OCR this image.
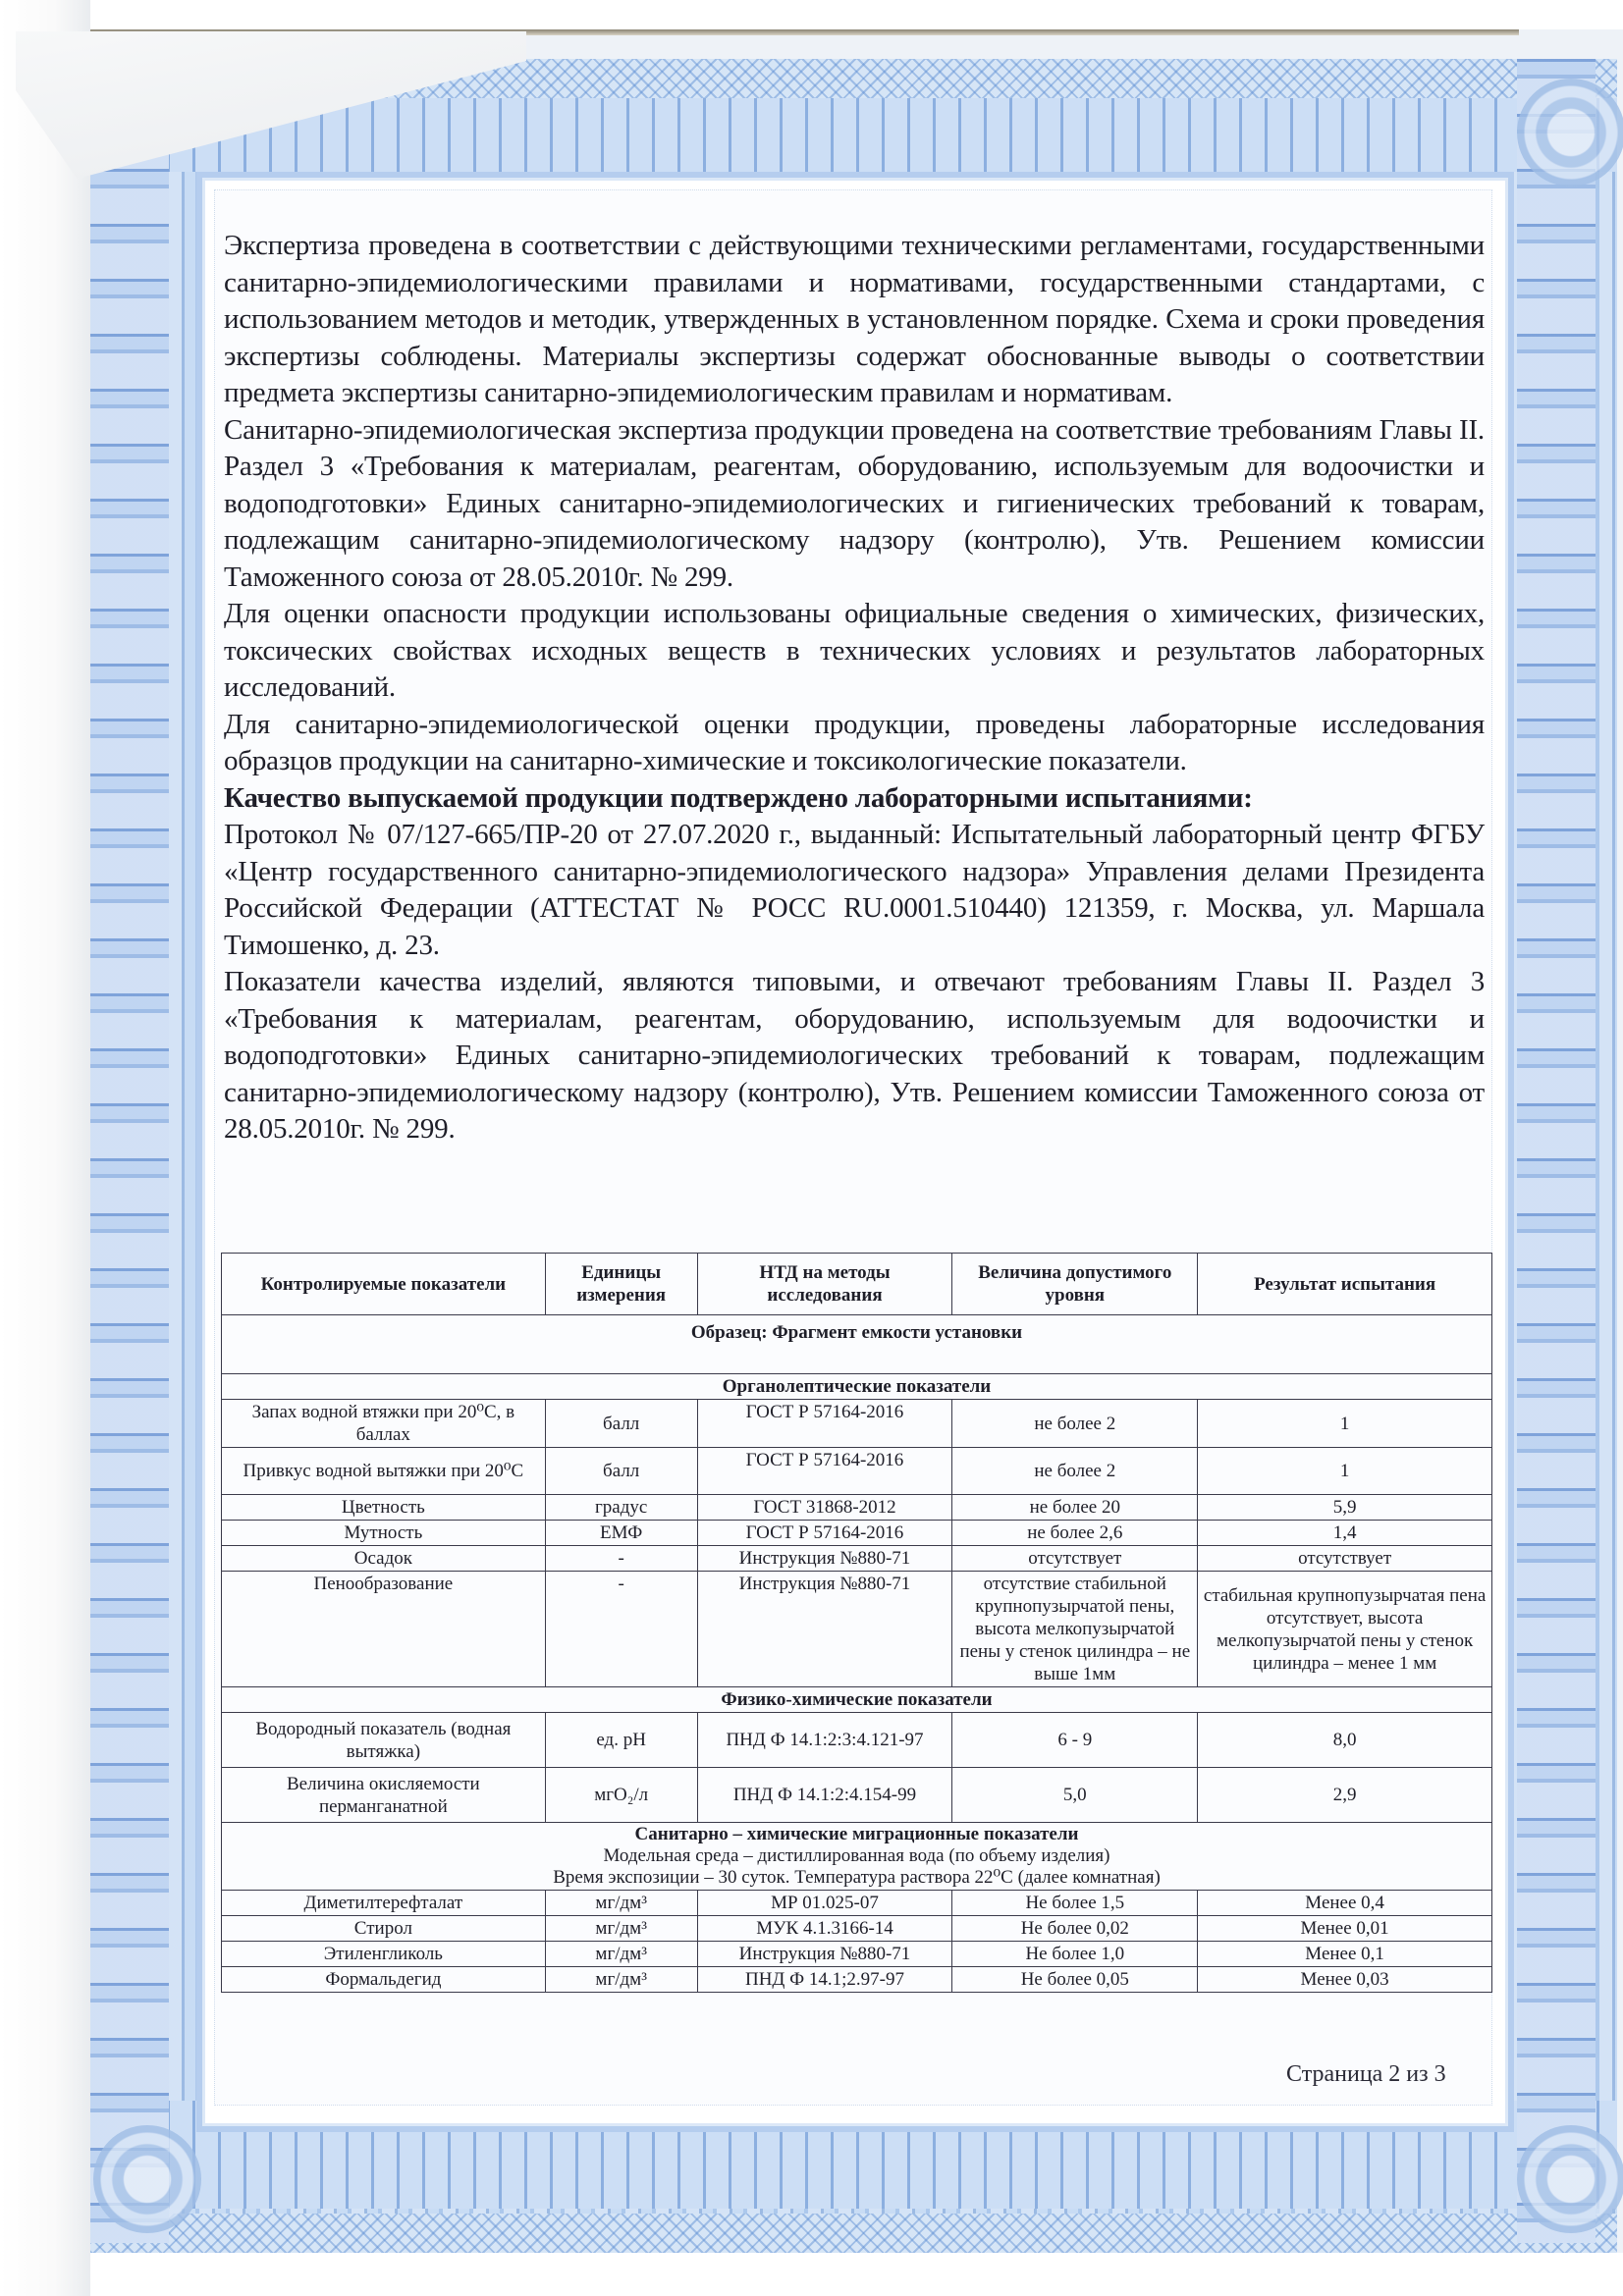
Экспертиза проведена в соответствии с действующими техническими регламентами, государственными санитарно-эпидемиологическими правилами и нормативами, государственными стандартами, с использованием методов и методик, утвержденных в установленном порядке. Схема и сроки проведения экспертизы соблюдены. Материалы экспертизы содержат обоснованные выводы о соответствии предмета экспертизы санитарно-эпидемиологическим правилам и нормативам.

Санитарно-эпидемиологическая экспертиза продукции проведена на соответствие требованиям Главы II. Раздел 3 «Требования к материалам, реагентам, оборудованию, используемым для водоочистки и водоподготовки» Единых санитарно-эпидемиологических и гигиенических требований к товарам, подлежащим санитарно-эпидемиологическому надзору (контролю), Утв. Решением комиссии Таможенного союза от 28.05.2010г. № 299.

Для оценки опасности продукции использованы официальные сведения о химических, физических, токсических свойствах исходных веществ в технических условиях и результатов лабораторных исследований.

Для санитарно-эпидемиологической оценки продукции, проведены лабораторные исследования образцов продукции на санитарно-химические и токсикологические показатели.

Качество выпускаемой продукции подтверждено лабораторными испытаниями:

Протокол № 07/127-665/ПР-20 от 27.07.2020 г., выданный: Испытательный лабораторный центр ФГБУ «Центр государственного санитарно-эпидемиологического надзора» Управления делами Президента Российской Федерации (АТТЕСТАТ № РОСС RU.0001.510440) 121359, г. Москва, ул. Маршала Тимошенко, д. 23.

Показатели качества изделий, являются типовыми, и отвечают требованиям Главы II. Раздел 3 «Требования к материалам, реагентам, оборудованию, используемым для водоочистки и водоподготовки» Единых санитарно-эпидемиологических требований к товарам, подлежащим санитарно-эпидемиологическому надзору (контролю), Утв. Решением комиссии Таможенного союза от 28.05.2010г. № 299.

Контролируемые показатели	Единицы измерения	НТД на методы исследования	Величина допустимого уровня	Результат испытания
Образец: Фрагмент емкости установки				
Органолептические показатели				
Запах водной втяжки при 20⁰С, в баллах	балл	ГОСТ Р 57164-2016	не более 2	1
Привкус водной вытяжки при 20⁰С	балл	ГОСТ Р 57164-2016	не более 2	1
Цветность	градус	ГОСТ 31868-2012	не более 20	5,9
Мутность	ЕМФ	ГОСТ Р 57164-2016	не более 2,6	1,4
Осадок	-	Инструкция №880-71	отсутствует	отсутствует
Пенообразование	-	Инструкция №880-71	отсутствие стабильной крупнопузырчатой пены, высота мелкопузырчатой пены у стенок цилиндра – не выше 1мм	стабильная крупнопузырчатая пена отсутствует, высота мелкопузырчатой пены у стенок цилиндра – менее 1 мм
Физико-химические показатели				
Водородный показатель (водная вытяжка)	ед. рН	ПНД Ф 14.1:2:3:4.121-97	6 - 9	8,0
Величина окисляемости перманганатной	мгО₂/л	ПНД Ф 14.1:2:4.154-99	5,0	2,9

Санитарно – химические миграционные показатели
Модельная среда – дистиллированная вода (по объему изделия)
Время экспозиции – 30 суток. Температура раствора 22⁰С (далее комнатная)				

Диметилтерефталат	мг/дм³	МР 01.025-07	Не более 1,5	Менее 0,4
Стирол	мг/дм³	МУК 4.1.3166-14	Не более 0,02	Менее 0,01
Этиленгликоль	мг/дм³	Инструкция №880-71	Не более 1,0	Менее 0,1
Формальдегид	мг/дм³	ПНД Ф 14.1;2.97-97	Не более 0,05	Менее 0,03
Страница 2 из 3
